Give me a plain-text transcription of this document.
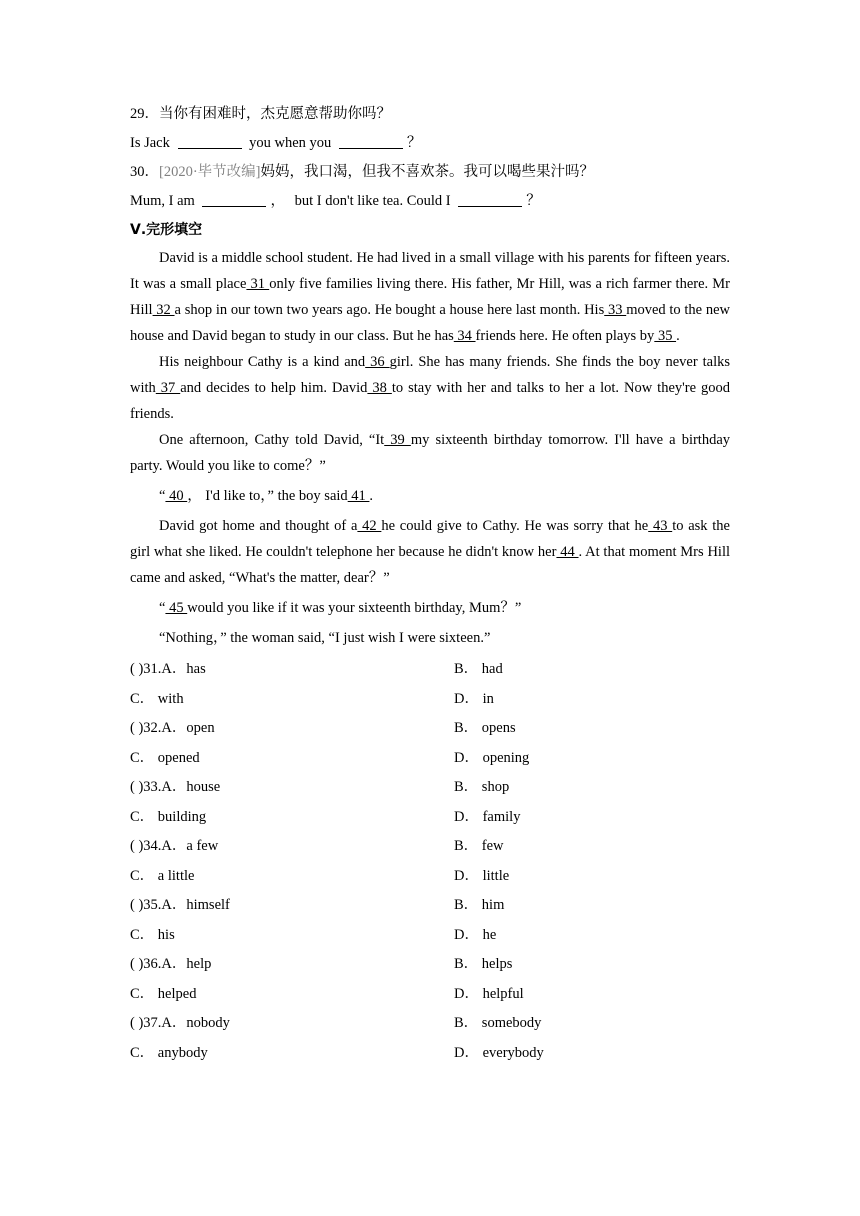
29．当你有困难时，杰克愿意帮助你吗？
Is Jack	you when you	？
30．[2020·毕节改编]妈妈，我口渴，但我不喜欢茶。我可以喝些果汁吗？
Mum, I am	， but I don't like tea. Could I	？
Ⅴ.完形填空
David is a middle school student. He had lived in a small village with his parents for fifteen years. It was a small place 31 only five families living there. His father, Mr Hill, was a rich farmer there. Mr Hill 32 a shop in our town two years ago. He bought a house here last month. His 33 moved to the new house and David began to study in our class. But he has 34 friends here. He often plays by 35 .
His neighbour Cathy is a kind and 36 girl. She has many friends. She finds the boy never talks with 37 and decides to help him. David 38 to stay with her and talks to her a lot. Now they're good friends.
One afternoon, Cathy told David, “It 39 my sixteenth birthday tomorrow. I'll have a birthday party. Would you like to come？”
“ 40 ， I'd like to，” the boy said 41 .
David got home and thought of a 42 he could give to Cathy. He was sorry that he 43 to ask the girl what she liked. He couldn't telephone her because he didn't know her 44 . At that moment Mrs Hill came and asked, “What's the matter, dear？”
“ 45 would you like if it was your sixteenth birthday, Mum？”
“Nothing，” the woman said, “I just wish I were sixteen.”
( )31.A．has	B． had
C． with	D． in
( )32.A．open	B． opens
C． opened	D． opening
( )33.A．house	B． shop
C． building	D． family
( )34.A．a few	B． few
C． a little	D． little
( )35.A．himself	B． him
C． his	D． he
( )36.A．help	B． helps
C． helped	D． helpful
( )37.A．nobody	B． somebody
C． anybody	D． everybody
